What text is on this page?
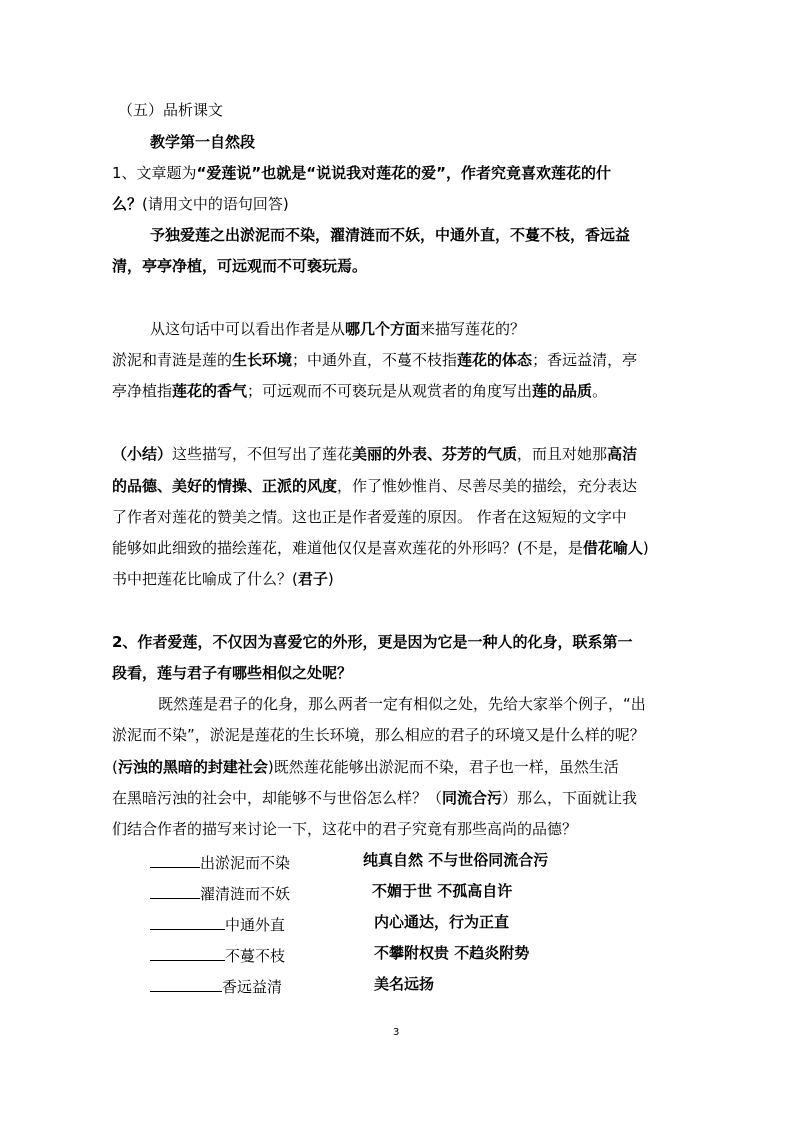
（五）品析课文
教学第一自然段
1、文章题为“爱莲说”也就是“说说我对莲花的爱”，作者究竟喜欢莲花的什
么？(请用文中的语句回答)
予独爱莲之出淤泥而不染，濯清涟而不妖，中通外直，不蔓不枝，香远益
清，亭亭净植，可远观而不可亵玩焉。
从这句话中可以看出作者是从哪几个方面来描写莲花的？
淤泥和青涟是莲的生长环境；中通外直，不蔓不枝指莲花的体态；香远益清，亭
亭净植指莲花的香气；可远观而不可亵玩是从观赏者的角度写出莲的品质。
（小结）这些描写，不但写出了莲花美丽的外表、芬芳的气质，而且对她那高洁
的品德、美好的情操、正派的风度，作了惟妙惟肖、尽善尽美的描绘，充分表达
了作者对莲花的赞美之情。这也正是作者爱莲的原因。 作者在这短短的文字中
能够如此细致的描绘莲花，难道他仅仅是喜欢莲花的外形吗？(不是，是借花喻人)
书中把莲花比喻成了什么？(君子)
2、作者爱莲，不仅因为喜爱它的外形，更是因为它是一种人的化身，联系第一
段看，莲与君子有哪些相似之处呢？
既然莲是君子的化身，那么两者一定有相似之处，先给大家举个例子，“出
淤泥而不染”，淤泥是莲花的生长环境，那么相应的君子的环境又是什么样的呢？
(污浊的黑暗的封建社会)既然莲花能够出淤泥而不染，君子也一样，虽然生活
在黑暗污浊的社会中，却能够不与世俗怎么样？（同流合污）那么，下面就让我
们结合作者的描写来讨论一下，这花中的君子究竟有那些高尚的品德？
出淤泥而不染	纯真自然 不与世俗同流合污
濯清涟而不妖	不媚于世 不孤高自许
中通外直	内心通达，行为正直
不蔓不枝	不攀附权贵 不趋炎附势
香远益清	美名远扬
3
